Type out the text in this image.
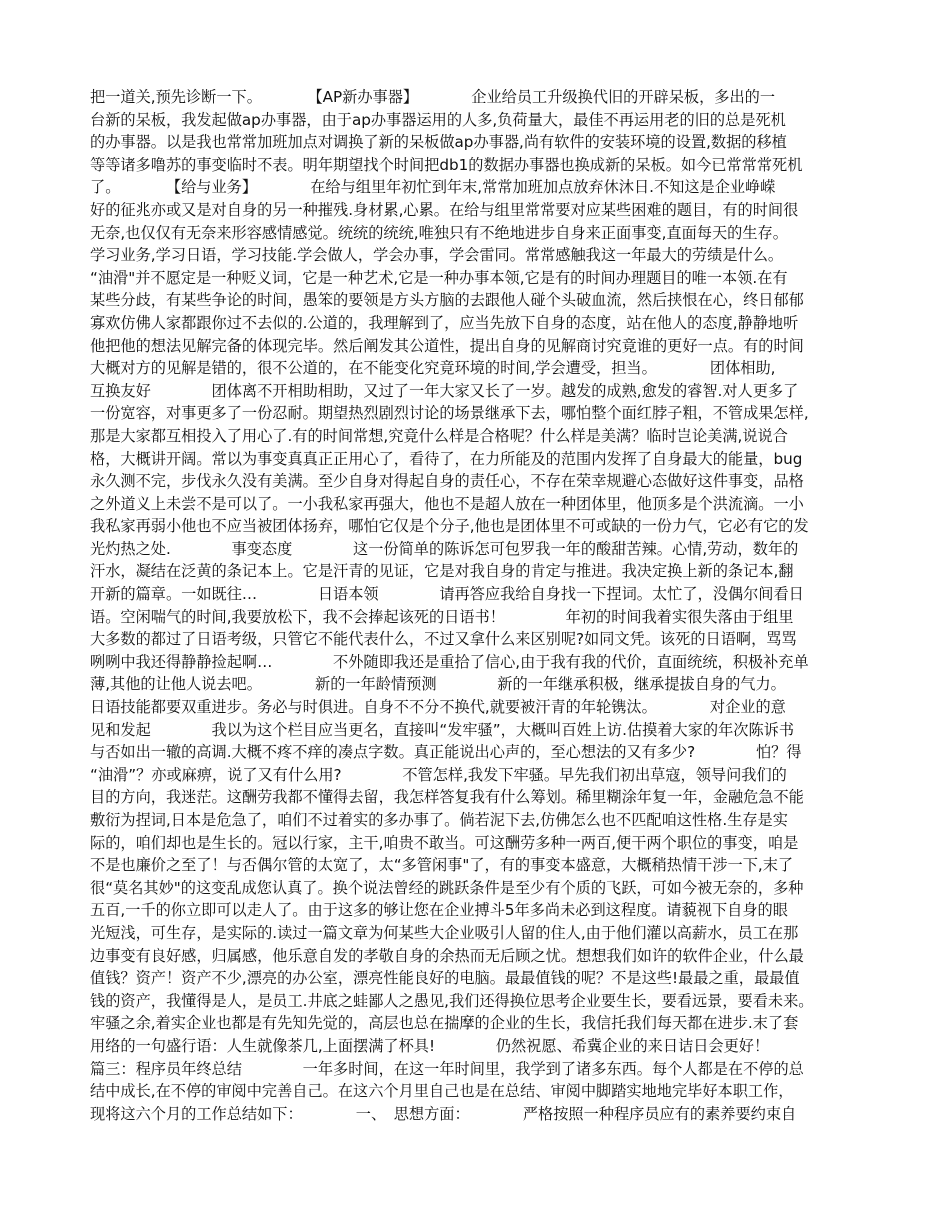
把一道关,预先诊断一下。　　　　【AP新办事器】　　　　企业给员工升级换代旧的开辟呆板，多出的一
台新的呆板，我发起做ap办事器，由于ap办事器运用的人多,负荷量大，最佳不再运用老的旧的总是死机
的办事器。以是我也常常加班加点对调换了新的呆板做ap办事器,尚有软件的安装环境的设置,数据的移植
等等诸多噜苏的事变临时不表。明年期望找个时间把db1的数据办事器也换成新的呆板。如今已常常常死机
了。　　　　【给与业务】　　　　在给与组里年初忙到年末,常常加班加点放弃休沐日.不知这是企业峥嵘
好的征兆亦或又是对自身的另一种摧残.身材累,心累。在给与组里常常要对应某些困难的题目，有的时间很
无奈,也仅仅有无奈来形容感情感觉。统统的统统,唯独只有不绝地进步自身来正面事变,直面每天的生存。
学习业务,学习日语，学习技能.学会做人，学会办事，学会雷同。常常感触我这一年最大的劳绩是什么。
“油滑"并不愿定是一种贬义词，它是一种艺术,它是一种办事本领,它是有的时间办理题目的唯一本领.在有
某些分歧，有某些争论的时间，愚笨的要领是方头方脑的去跟他人碰个头破血流，然后挟恨在心，终日郁郁
寡欢仿佛人家都跟你过不去似的.公道的，我理解到了，应当先放下自身的态度，站在他人的态度,静静地听
他把他的想法见解完备的体现完毕。然后阐发其公道性，提出自身的见解商讨究竟谁的更好一点。有的时间
大概对方的见解是错的，很不公道的，在不能变化究竟环境的时间,学会遭受，担当。　　　　团体相助,
互换友好　　　　团体离不开相助相助，又过了一年大家又长了一岁。越发的成熟,愈发的睿智.对人更多了
一份宽容，对事更多了一份忍耐。期望热烈剧烈讨论的场景继承下去，哪怕整个面红脖子粗，不管成果怎样,
那是大家都互相投入了用心了.有的时间常想,究竟什么样是合格呢？什么样是美满？临时岂论美满,说说合
格，大概讲开阔。常以为事变真真正正用心了，看待了，在力所能及的范围内发挥了自身最大的能量，bug
永久测不完，步伐永久没有美满。至少自身对得起自身的责任心，不存在荣幸规避心态做好这件事变，品格
之外道义上未尝不是可以了。一小我私家再强大，他也不是超人放在一种团体里，他顶多是个洪流滴。一小
我私家再弱小他也不应当被团体扬弃，哪怕它仅是个分子,他也是团体里不可或缺的一份力气，它必有它的发
光灼热之处.　　　　事变态度　　　　这一份简单的陈诉怎可包罗我一年的酸甜苦辣。心情,劳动，数年的
汗水，凝结在泛黄的条记本上。它是汗青的见证，它是对我自身的肯定与推进。我决定换上新的条记本,翻
开新的篇章。一如既往…　　　　日语本领　　　　请再答应我给自身找一下捏词。太忙了，没偶尔间看日
语。空闲喘气的时间,我要放松下，我不会捧起该死的日语书！　　　　年初的时间我着实很失落由于组里
大多数的都过了日语考级，只管它不能代表什么，不过又拿什么来区别呢?如同文凭。该死的日语啊，骂骂
咧咧中我还得静静捡起啊…　　　　不外随即我还是重拾了信心,由于我有我的代价，直面统统，积极补充单
薄,其他的让他人说去吧。　　　　新的一年龄情预测　　　　新的一年继承积极，继承提拔自身的气力。
日语技能都要双重进步。务必与时俱进。自身不不分不换代,就要被汗青的年轮镌汰。　　　　对企业的意
见和发起　　　　我以为这个栏目应当更名，直接叫“发牢骚”，大概叫百姓上访.估摸着大家的年次陈诉书
与否如出一辙的高调.大概不疼不痒的凑点字数。真正能说出心声的，至心想法的又有多少?　　　　怕？得
“油滑”？亦或麻痹，说了又有什么用?　　　　不管怎样,我发下牢骚。早先我们初出草寇，领导问我们的
目的方向，我迷茫。这酬劳我都不懂得去留，我怎样答复我有什么筹划。稀里糊涂年复一年，金融危急不能
敷衍为捏词,日本是危急了，咱们不过着实的多办事了。倘若泥下去,仿佛怎么也不匹配咱这性格.生存是实
际的，咱们却也是生长的。冠以行家，主干,咱贵不敢当。可这酬劳多种一两百,便干两个职位的事变，咱是
不是也廉价之至了！与否偶尔管的太宽了，太“多管闲事"了，有的事变本盛意，大概稍热情干涉一下,末了
很“莫名其妙"的这变乱成您认真了。换个说法曾经的跳跃条件是至少有个质的飞跃，可如今被无奈的，多种
五百,一千的你立即可以走人了。由于这多的够让您在企业搏斗5年多尚未必到这程度。请藐视下自身的眼
光短浅，可生存，是实际的.读过一篇文章为何某些大企业吸引人留的住人,由于他们灌以高薪水，员工在那
边事变有良好感，归属感，他乐意自发的孝敬自身的余热而无后顾之忧。想想我们如许的软件企业，什么最
值钱？资产！资产不少,漂亮的办公室，漂亮性能良好的电脑。最最值钱的呢？不是这些!最最之重，最最值
钱的资产，我懂得是人，是员工.井底之蛙鄙人之愚见,我们还得换位思考企业要生长，要看远景，要看未来。
牢骚之余,着实企业也都是有先知先觉的，高层也总在揣摩的企业的生长，我信托我们每天都在进步.末了套
用络的一句盛行语：人生就像茶几,上面摆满了杯具!　　　　仍然祝愿、希冀企业的来日诘日会更好！
篇三：程序员年终总结　　　　一年多时间，在这一年时间里，我学到了诸多东西。每个人都是在不停的总
结中成长,在不停的审阅中完善自己。在这六个月里自己也是在总结、审阅中脚踏实地地完毕好本职工作，
现将这六个月的工作总结如下：　　　　一、　思想方面：　　　　严格按照一种程序员应有的素养要约束自
